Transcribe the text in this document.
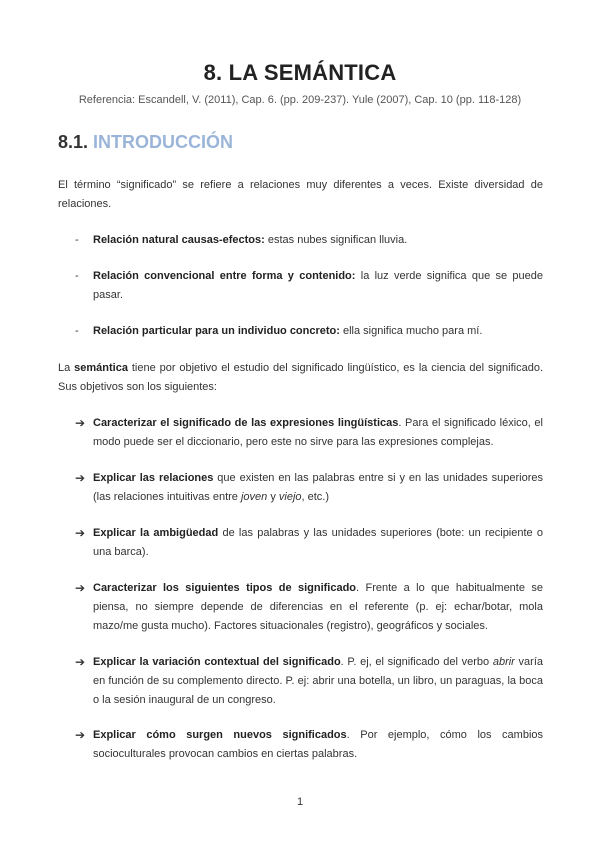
8. LA SEMÁNTICA
Referencia: Escandell, V. (2011), Cap. 6. (pp. 209-237). Yule (2007), Cap. 10 (pp. 118-128)
8.1. INTRODUCCIÓN
El término “significado” se refiere a relaciones muy diferentes a veces. Existe diversidad de relaciones.
- Relación natural causas-efectos: estas nubes significan lluvia.
- Relación convencional entre forma y contenido: la luz verde significa que se puede pasar.
- Relación particular para un individuo concreto: ella significa mucho para mí.
La semántica tiene por objetivo el estudio del significado lingüístico, es la ciencia del significado. Sus objetivos son los siguientes:
➔ Caracterizar el significado de las expresiones lingüísticas. Para el significado léxico, el modo puede ser el diccionario, pero este no sirve para las expresiones complejas.
➔ Explicar las relaciones que existen en las palabras entre si y en las unidades superiores (las relaciones intuitivas entre joven y viejo, etc.)
➔ Explicar la ambigüedad de las palabras y las unidades superiores (bote: un recipiente o una barca).
➔ Caracterizar los siguientes tipos de significado. Frente a lo que habitualmente se piensa, no siempre depende de diferencias en el referente (p. ej: echar/botar, mola mazo/me gusta mucho). Factores situacionales (registro), geográficos y sociales.
➔ Explicar la variación contextual del significado. P. ej, el significado del verbo abrir varía en función de su complemento directo. P. ej: abrir una botella, un libro, un paraguas, la boca o la sesión inaugural de un congreso.
➔ Explicar cómo surgen nuevos significados. Por ejemplo, cómo los cambios socioculturales provocan cambios en ciertas palabras.
1
